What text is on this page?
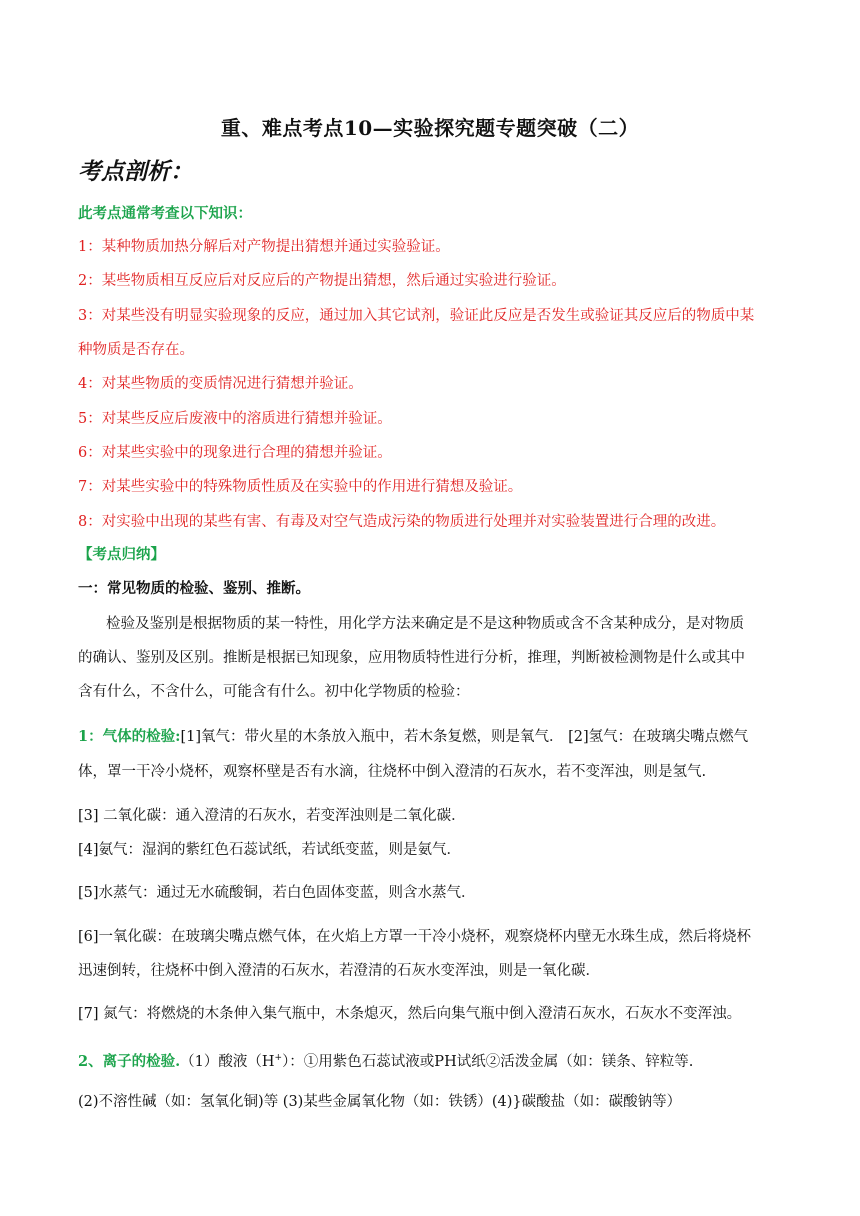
重、难点考点10—实验探究题专题突破（二）
考点剖析：
此考点通常考查以下知识：
1：某种物质加热分解后对产物提出猜想并通过实验验证。
2：某些物质相互反应后对反应后的产物提出猜想，然后通过实验进行验证。
3：对某些没有明显实验现象的反应，通过加入其它试剂，验证此反应是否发生或验证其反应后的物质中某
种物质是否存在。
4：对某些物质的变质情况进行猜想并验证。
5：对某些反应后废液中的溶质进行猜想并验证。
6：对某些实验中的现象进行合理的猜想并验证。
7：对某些实验中的特殊物质性质及在实验中的作用进行猜想及验证。
8：对实验中出现的某些有害、有毒及对空气造成污染的物质进行处理并对实验装置进行合理的改进。
【考点归纳】
一：常见物质的检验、鉴别、推断。
检验及鉴别是根据物质的某一特性，用化学方法来确定是不是这种物质或含不含某种成分，是对物质
的确认、鉴别及区别。推断是根据已知现象，应用物质特性进行分析，推理，判断被检测物是什么或其中
含有什么，不含什么，可能含有什么。初中化学物质的检验：
1：气体的检验:[1]氧气：带火星的木条放入瓶中，若木条复燃，则是氧气． [2]氢气：在玻璃尖嘴点燃气
体，罩一干冷小烧杯，观察杯壁是否有水滴，往烧杯中倒入澄清的石灰水，若不变浑浊，则是氢气.
[3] 二氧化碳：通入澄清的石灰水，若变浑浊则是二氧化碳．
[4]氨气：湿润的紫红色石蕊试纸，若试纸变蓝，则是氨气．
[5]水蒸气：通过无水硫酸铜，若白色固体变蓝，则含水蒸气．
[6]一氧化碳：在玻璃尖嘴点燃气体，在火焰上方罩一干冷小烧杯，观察烧杯内壁无水珠生成，然后将烧杯
迅速倒转，往烧杯中倒入澄清的石灰水，若澄清的石灰水变浑浊，则是一氧化碳．
[7] 氮气：将燃烧的木条伸入集气瓶中，木条熄灭，然后向集气瓶中倒入澄清石灰水，石灰水不变浑浊。
2、离子的检验.（1）酸液（H+）：①用紫色石蕊试液或PH试纸②活泼金属（如：镁条、锌粒等.
(2)不溶性碱（如：氢氧化铜)等 (3)某些金属氧化物（如：铁锈）(4)}碳酸盐（如：碳酸钠等）
